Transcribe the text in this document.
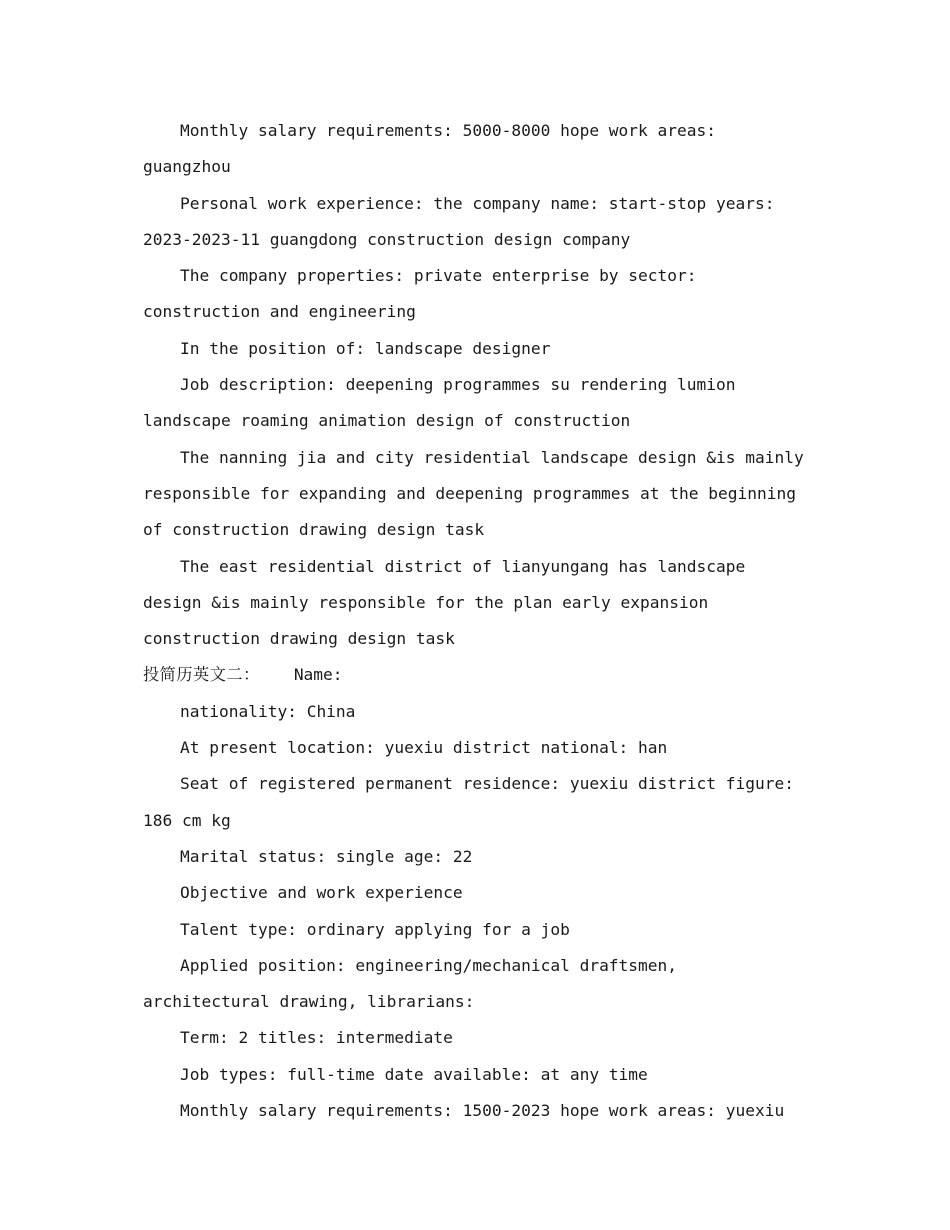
Monthly salary requirements: 5000-8000 hope work areas: guangzhou

Personal work experience: the company name: start-stop years: 2023-2023-11 guangdong construction design company

The company properties: private enterprise by sector: construction and engineering

In the position of: landscape designer

Job description: deepening programmes su rendering lumion landscape roaming animation design of construction

The nanning jia and city residential landscape design &is mainly responsible for expanding and deepening programmes at the beginning of construction drawing design task

The east residential district of lianyungang has landscape design &is mainly responsible for the plan early expansion construction drawing design task

投简历英文二： Name:

nationality: China

At present location: yuexiu district national: han

Seat of registered permanent residence: yuexiu district figure: 186 cm kg

Marital status: single age: 22

Objective and work experience

Talent type: ordinary applying for a job

Applied position: engineering/mechanical draftsmen, architectural drawing, librarians:

Term: 2 titles: intermediate

Job types: full-time date available: at any time

Monthly salary requirements: 1500-2023 hope work areas: yuexiu
